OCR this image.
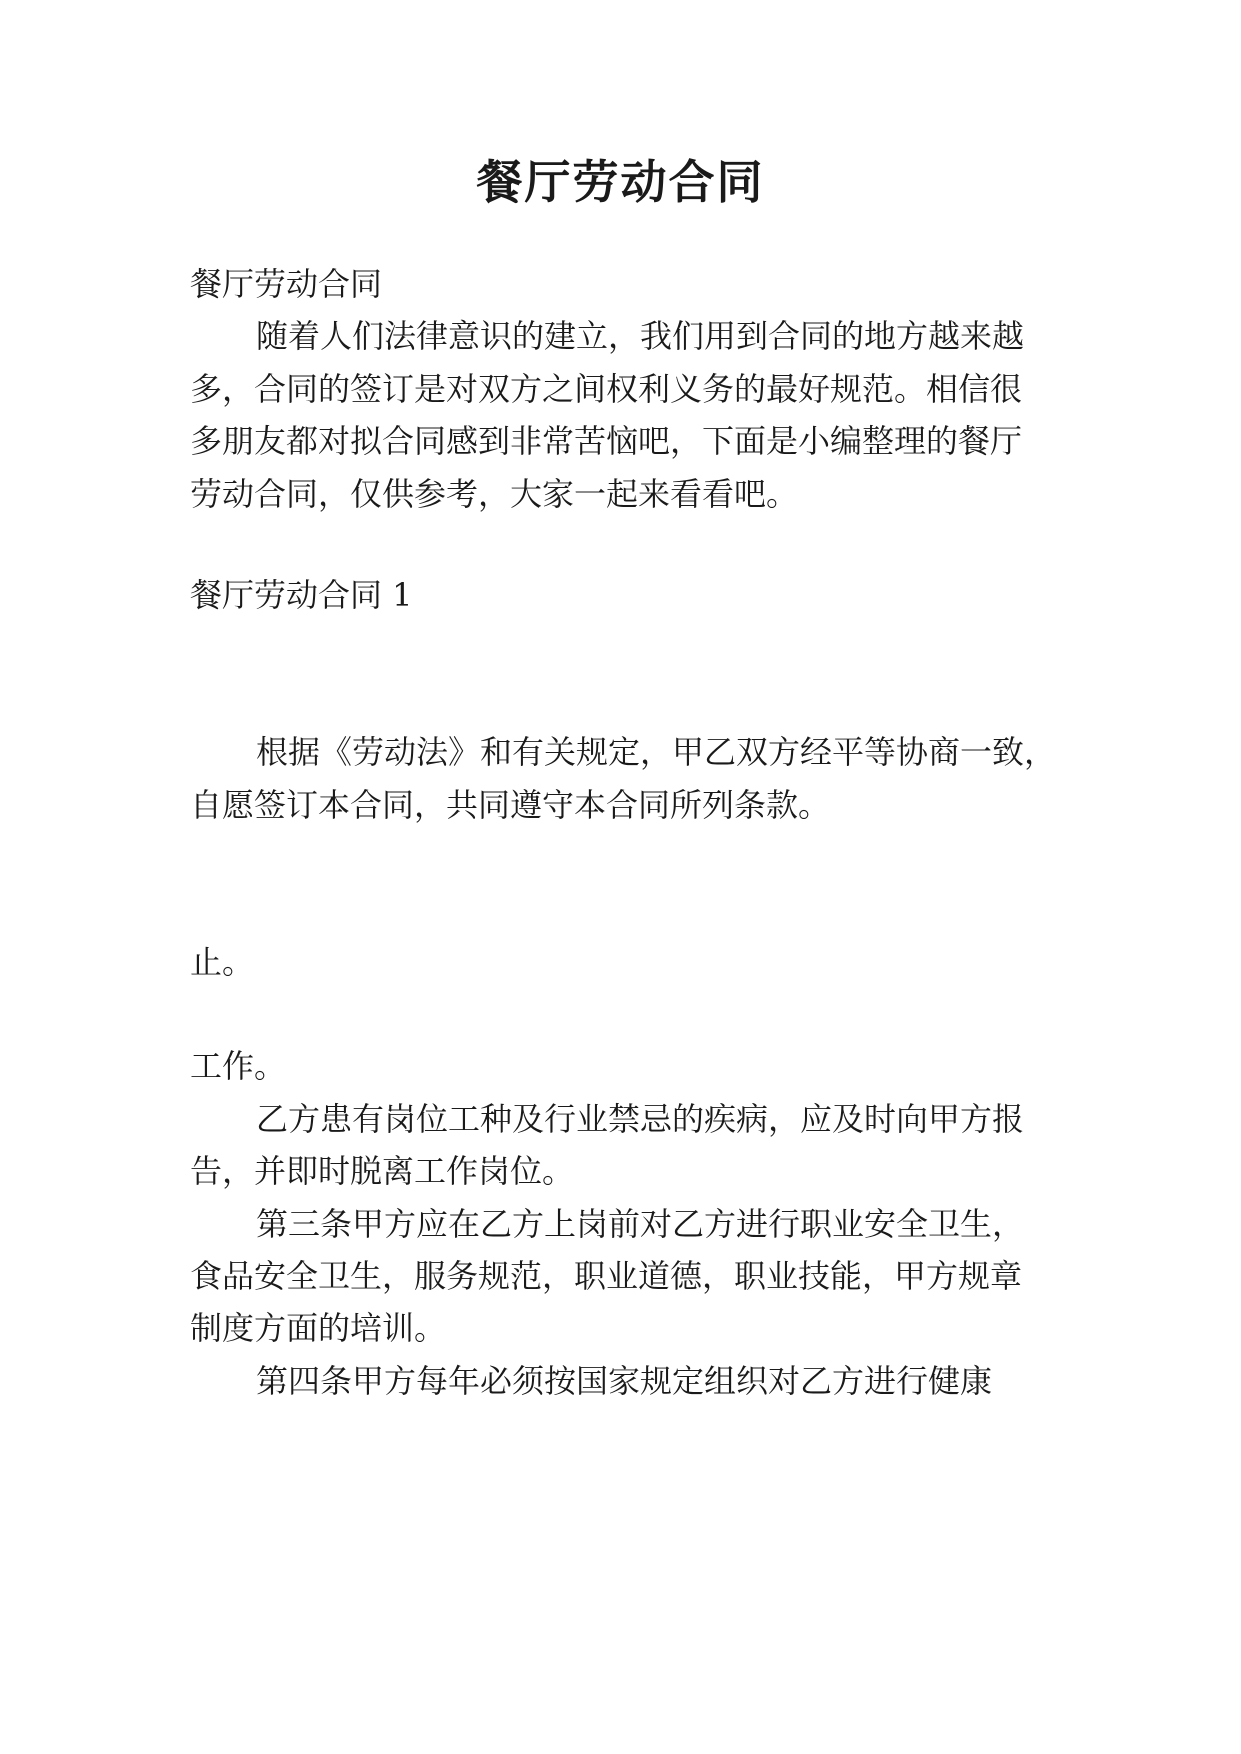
餐厅劳动合同
餐厅劳动合同
随着人们法律意识的建立，我们用到合同的地方越来越
多，合同的签订是对双方之间权利义务的最好规范。相信很
多朋友都对拟合同感到非常苦恼吧，下面是小编整理的餐厅
劳动合同，仅供参考，大家一起来看看吧。
餐厅劳动合同 1

根据《劳动法》和有关规定，甲乙双方经平等协商一致，
自愿签订本合同，共同遵守本合同所列条款。

止。

工作。
乙方患有岗位工种及行业禁忌的疾病，应及时向甲方报
告，并即时脱离工作岗位。
第三条甲方应在乙方上岗前对乙方进行职业安全卫生，
食品安全卫生，服务规范，职业道德，职业技能，甲方规章
制度方面的培训。
第四条甲方每年必须按国家规定组织对乙方进行健康
